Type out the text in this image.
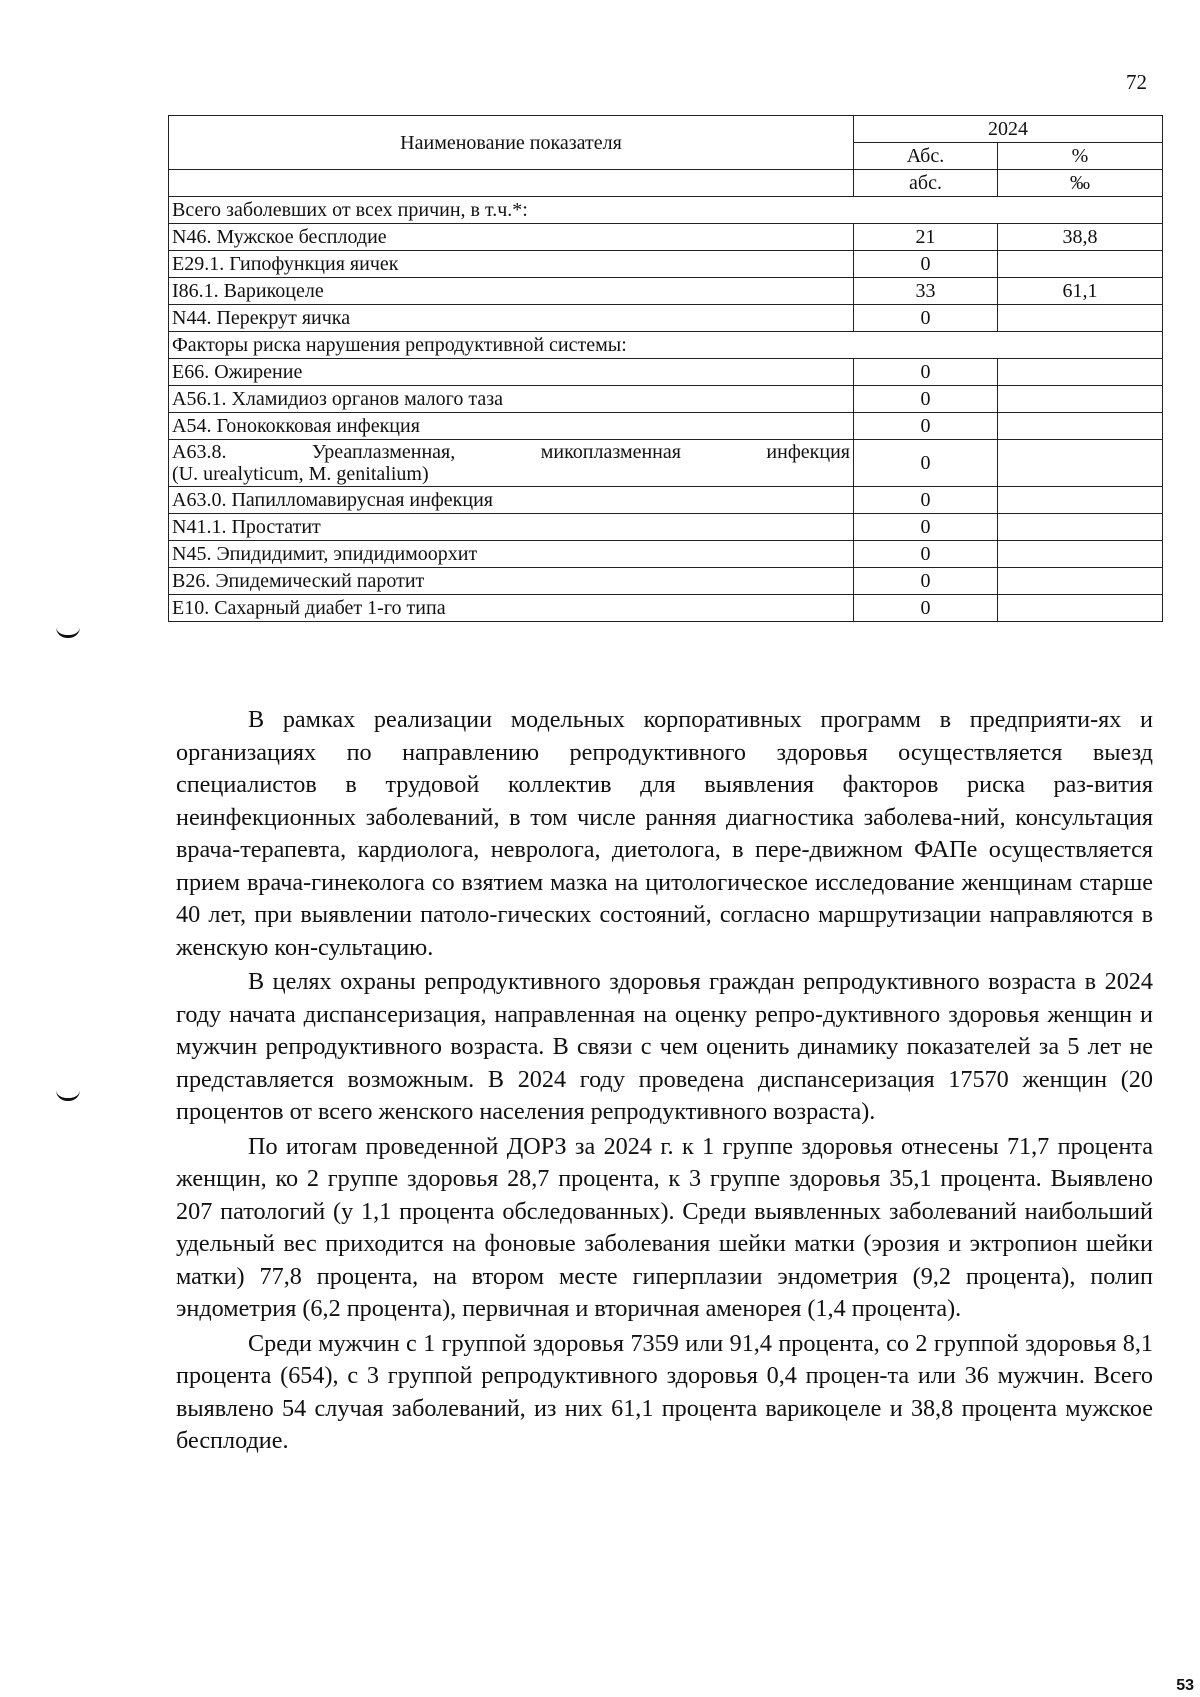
72
Наименование показателя	2024	
	Абс.	%
	абс.	‰
Всего заболевших от всех причин, в т.ч.*:		
N46. Мужское бесплодие	21	38,8
Е29.1. Гипофункция яичек	0	
I86.1. Варикоцеле	33	61,1
N44. Перекрут яичка	0	
Факторы риска нарушения репродуктивной системы:		
Е66. Ожирение	0	
А56.1. Хламидиоз органов малого таза	0	
А54. Гонококковая инфекция	0	

А63.8. Уреаплазменная, микоплазменная инфекция
(U. urealyticum, M. genitalium)	0	
А63.0. Папилломавирусная инфекция	0	
N41.1. Простатит	0	
N45. Эпидидимит, эпидидимоорхит	0	
В26. Эпидемический паротит	0	
Е10. Сахарный диабет 1-го типа	0	

В рамках реализации модельных корпоративных программ в предприяти-ях и организациях по направлению репродуктивного здоровья осуществляется выезд специалистов в трудовой коллектив для выявления факторов риска раз-вития неинфекционных заболеваний, в том числе ранняя диагностика заболева-ний, консультация врача-терапевта, кардиолога, невролога, диетолога, в пере-движном ФАПе осуществляется прием врача-гинеколога со взятием мазка на цитологическое исследование женщинам старше 40 лет, при выявлении патоло-гических состояний, согласно маршрутизации направляются в женскую кон-сультацию.

В целях охраны репродуктивного здоровья граждан репродуктивного возраста в 2024 году начата диспансеризация, направленная на оценку репро-дуктивного здоровья женщин и мужчин репродуктивного возраста. В связи с чем оценить динамику показателей за 5 лет не представляется возможным. В 2024 году проведена диспансеризация 17570 женщин (20 процентов от всего женского населения репродуктивного возраста).

По итогам проведенной ДОРЗ за 2024 г. к 1 группе здоровья отнесены 71,7 процента женщин, ко 2 группе здоровья 28,7 процента, к 3 группе здоровья 35,1 процента. Выявлено 207 патологий (у 1,1 процента обследованных). Среди выявленных заболеваний наибольший удельный вес приходится на фоновые заболевания шейки матки (эрозия и эктропион шейки матки) 77,8 процента, на втором месте гиперплазии эндометрия (9,2 процента), полип эндометрия (6,2 процента), первичная и вторичная аменорея (1,4 процента).

Среди мужчин с 1 группой здоровья 7359 или 91,4 процента, со 2 группой здоровья 8,1 процента (654), с 3 группой репродуктивного здоровья 0,4 процен-та или 36 мужчин. Всего выявлено 54 случая заболеваний, из них 61,1 процента варикоцеле и 38,8 процента мужское бесплодие.

53
